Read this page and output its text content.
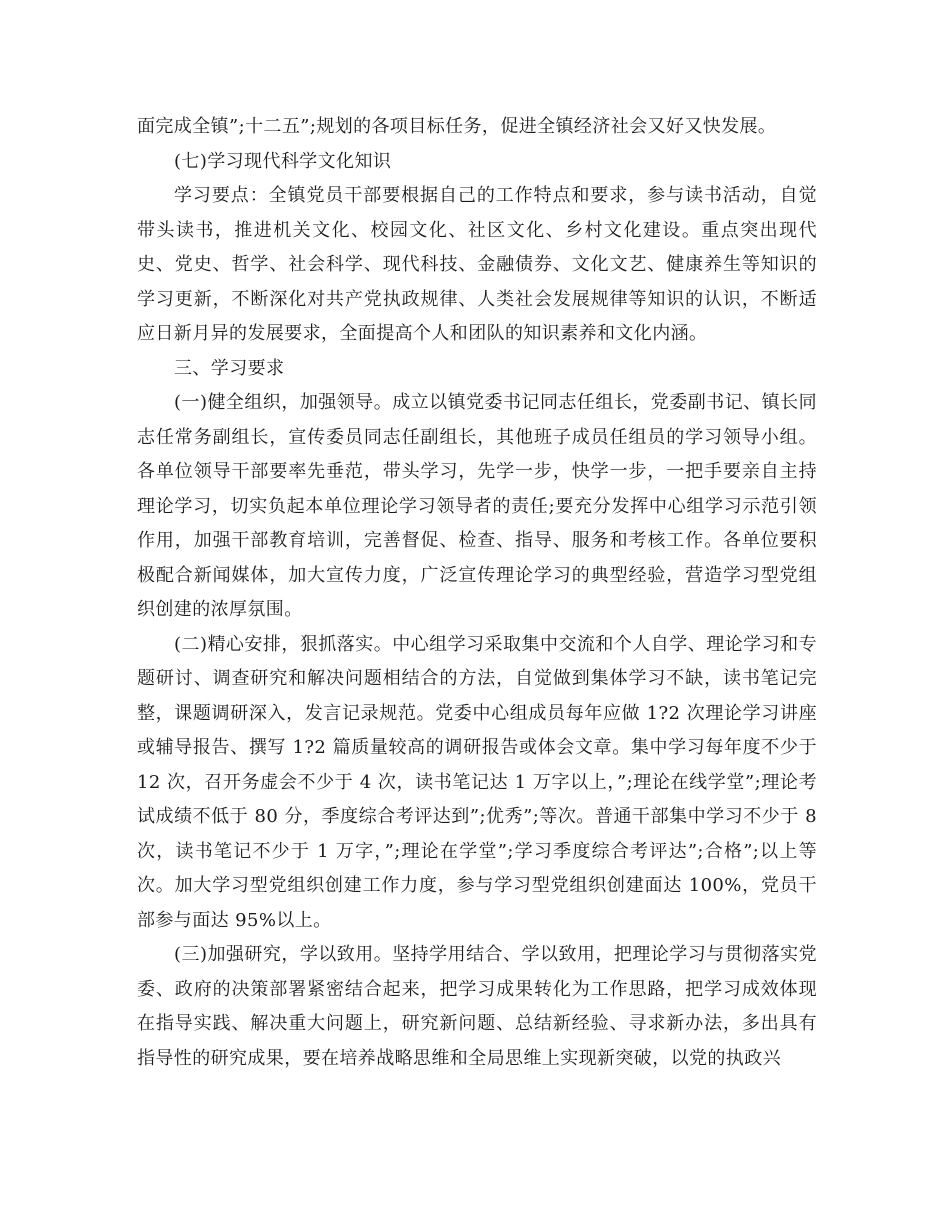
面完成全镇”;十二五”;规划的各项目标任务，促进全镇经济社会又好又快发展。

(七)学习现代科学文化知识

学习要点：全镇党员干部要根据自己的工作特点和要求，参与读书活动，自觉带头读书，推进机关文化、校园文化、社区文化、乡村文化建设。重点突出现代史、党史、哲学、社会科学、现代科技、金融债券、文化文艺、健康养生等知识的学习更新，不断深化对共产党执政规律、人类社会发展规律等知识的认识，不断适应日新月异的发展要求，全面提高个人和团队的知识素养和文化内涵。

三、学习要求

(一)健全组织，加强领导。成立以镇党委书记同志任组长，党委副书记、镇长同志任常务副组长，宣传委员同志任副组长，其他班子成员任组员的学习领导小组。各单位领导干部要率先垂范，带头学习，先学一步，快学一步，一把手要亲自主持理论学习，切实负起本单位理论学习领导者的责任;要充分发挥中心组学习示范引领作用，加强干部教育培训，完善督促、检查、指导、服务和考核工作。各单位要积极配合新闻媒体，加大宣传力度，广泛宣传理论学习的典型经验，营造学习型党组织创建的浓厚氛围。

(二)精心安排，狠抓落实。中心组学习采取集中交流和个人自学、理论学习和专题研讨、调查研究和解决问题相结合的方法，自觉做到集体学习不缺，读书笔记完整，课题调研深入，发言记录规范。党委中心组成员每年应做 1?2 次理论学习讲座或辅导报告、撰写 1?2 篇质量较高的调研报告或体会文章。集中学习每年度不少于 12 次，召开务虚会不少于 4 次，读书笔记达 1 万字以上，”;理论在线学堂”;理论考试成绩不低于 80 分，季度综合考评达到”;优秀”;等次。普通干部集中学习不少于 8 次，读书笔记不少于 1 万字，”;理论在学堂”;学习季度综合考评达”;合格”;以上等次。加大学习型党组织创建工作力度，参与学习型党组织创建面达 100%，党员干部参与面达 95%以上。

(三)加强研究，学以致用。坚持学用结合、学以致用，把理论学习与贯彻落实党委、政府的决策部署紧密结合起来，把学习成果转化为工作思路，把学习成效体现在指导实践、解决重大问题上，研究新问题、总结新经验、寻求新办法，多出具有指导性的研究成果，要在培养战略思维和全局思维上实现新突破，以党的执政兴
